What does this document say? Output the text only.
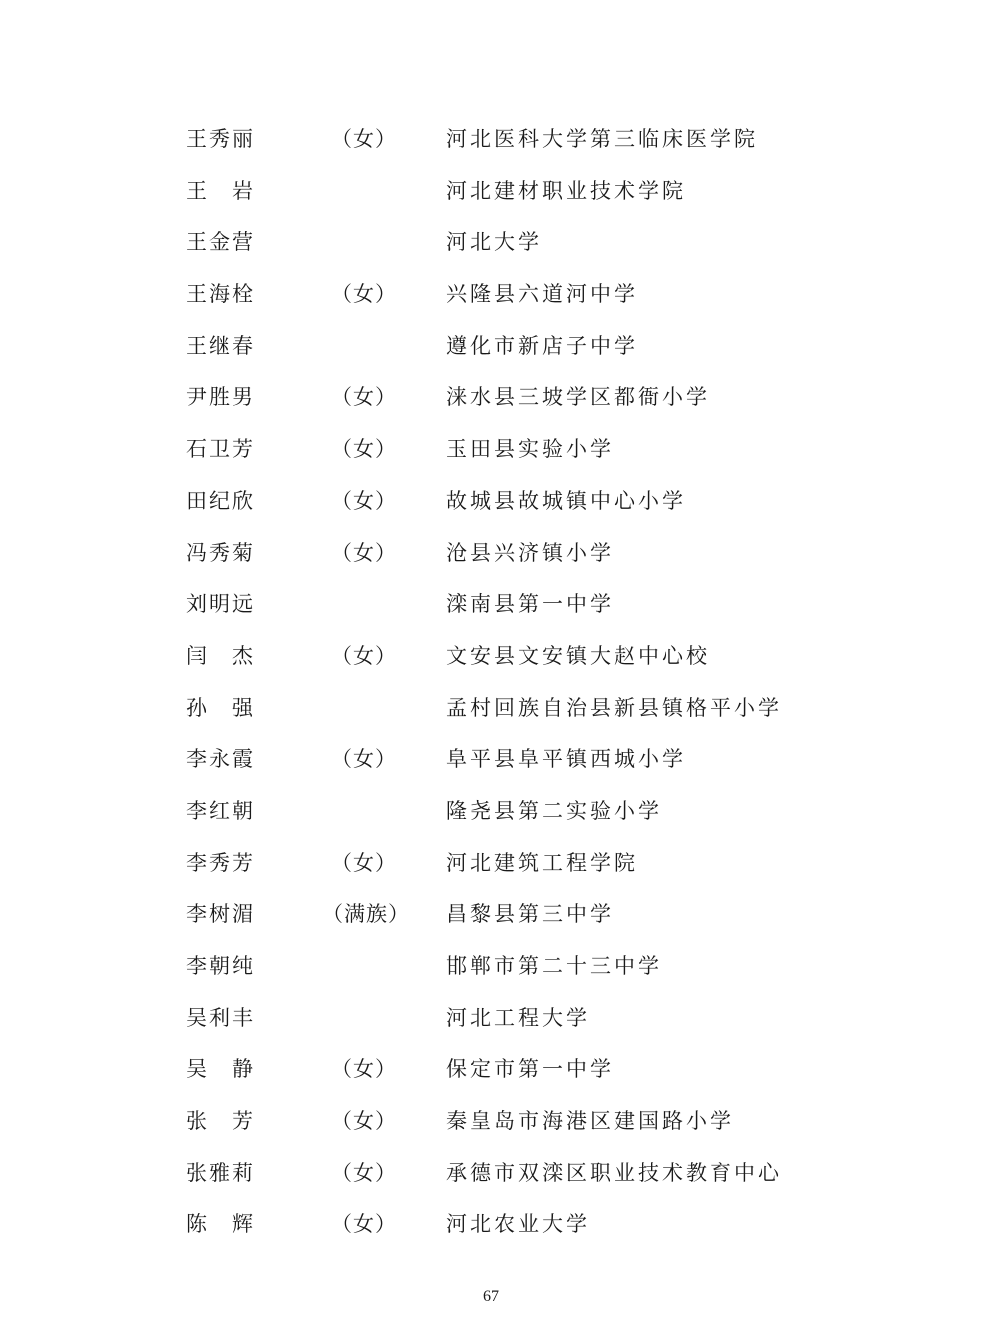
王秀丽	（女）	河北医科大学第三临床医学院
王　岩	河北建材职业技术学院
王金营	河北大学
王海栓	（女）	兴隆县六道河中学
王继春	遵化市新店子中学
尹胜男	（女）	涞水县三坡学区都衙小学
石卫芳	（女）	玉田县实验小学
田纪欣	（女）	故城县故城镇中心小学
冯秀菊	（女）	沧县兴济镇小学
刘明远	滦南县第一中学
闫　杰	（女）	文安县文安镇大赵中心校
孙　强	孟村回族自治县新县镇格平小学
李永霞	（女）	阜平县阜平镇西城小学
李红朝	隆尧县第二实验小学
李秀芳	（女）	河北建筑工程学院
李树湄	（满族） 昌黎县第三中学
李朝纯	邯郸市第二十三中学
吴利丰	河北工程大学
吴　静	（女）	保定市第一中学
张　芳	（女）	秦皇岛市海港区建国路小学
张雅莉	（女）	承德市双滦区职业技术教育中心
陈　辉	（女）	河北农业大学
67
